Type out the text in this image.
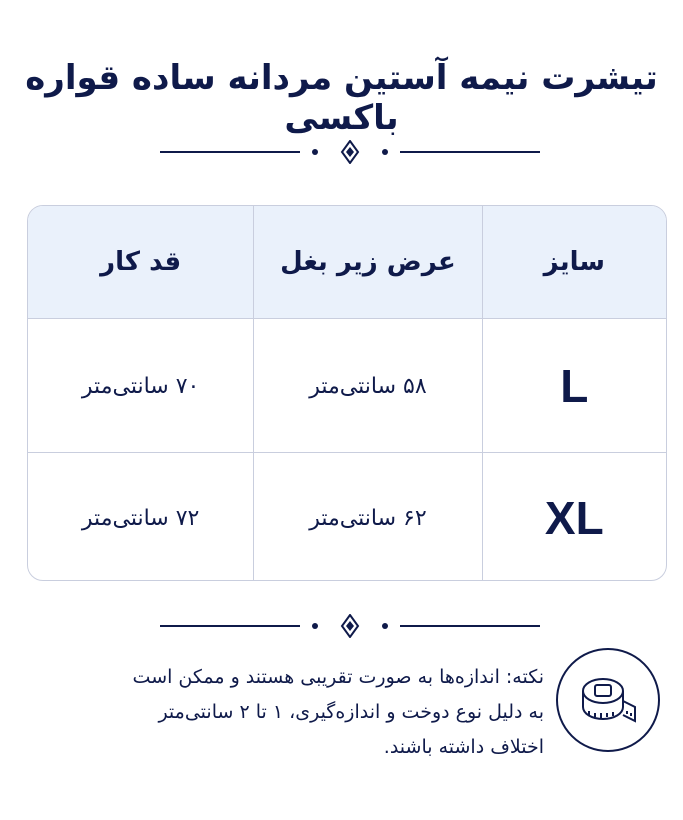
تیشرت نیمه آستین مردانه ساده قواره باکسی
قد کار	عرض زیر بغل	سایز
۷۰ سانتی‌متر	۵۸ سانتی‌متر	L
۷۲ سانتی‌متر	۶۲ سانتی‌متر	XL
نکته: اندازه‌ها به صورت تقریبی هستند و ممکن است
به دلیل نوع دوخت و اندازه‌گیری، ۱ تا ۲ سانتی‌متر
اختلاف داشته باشند.
